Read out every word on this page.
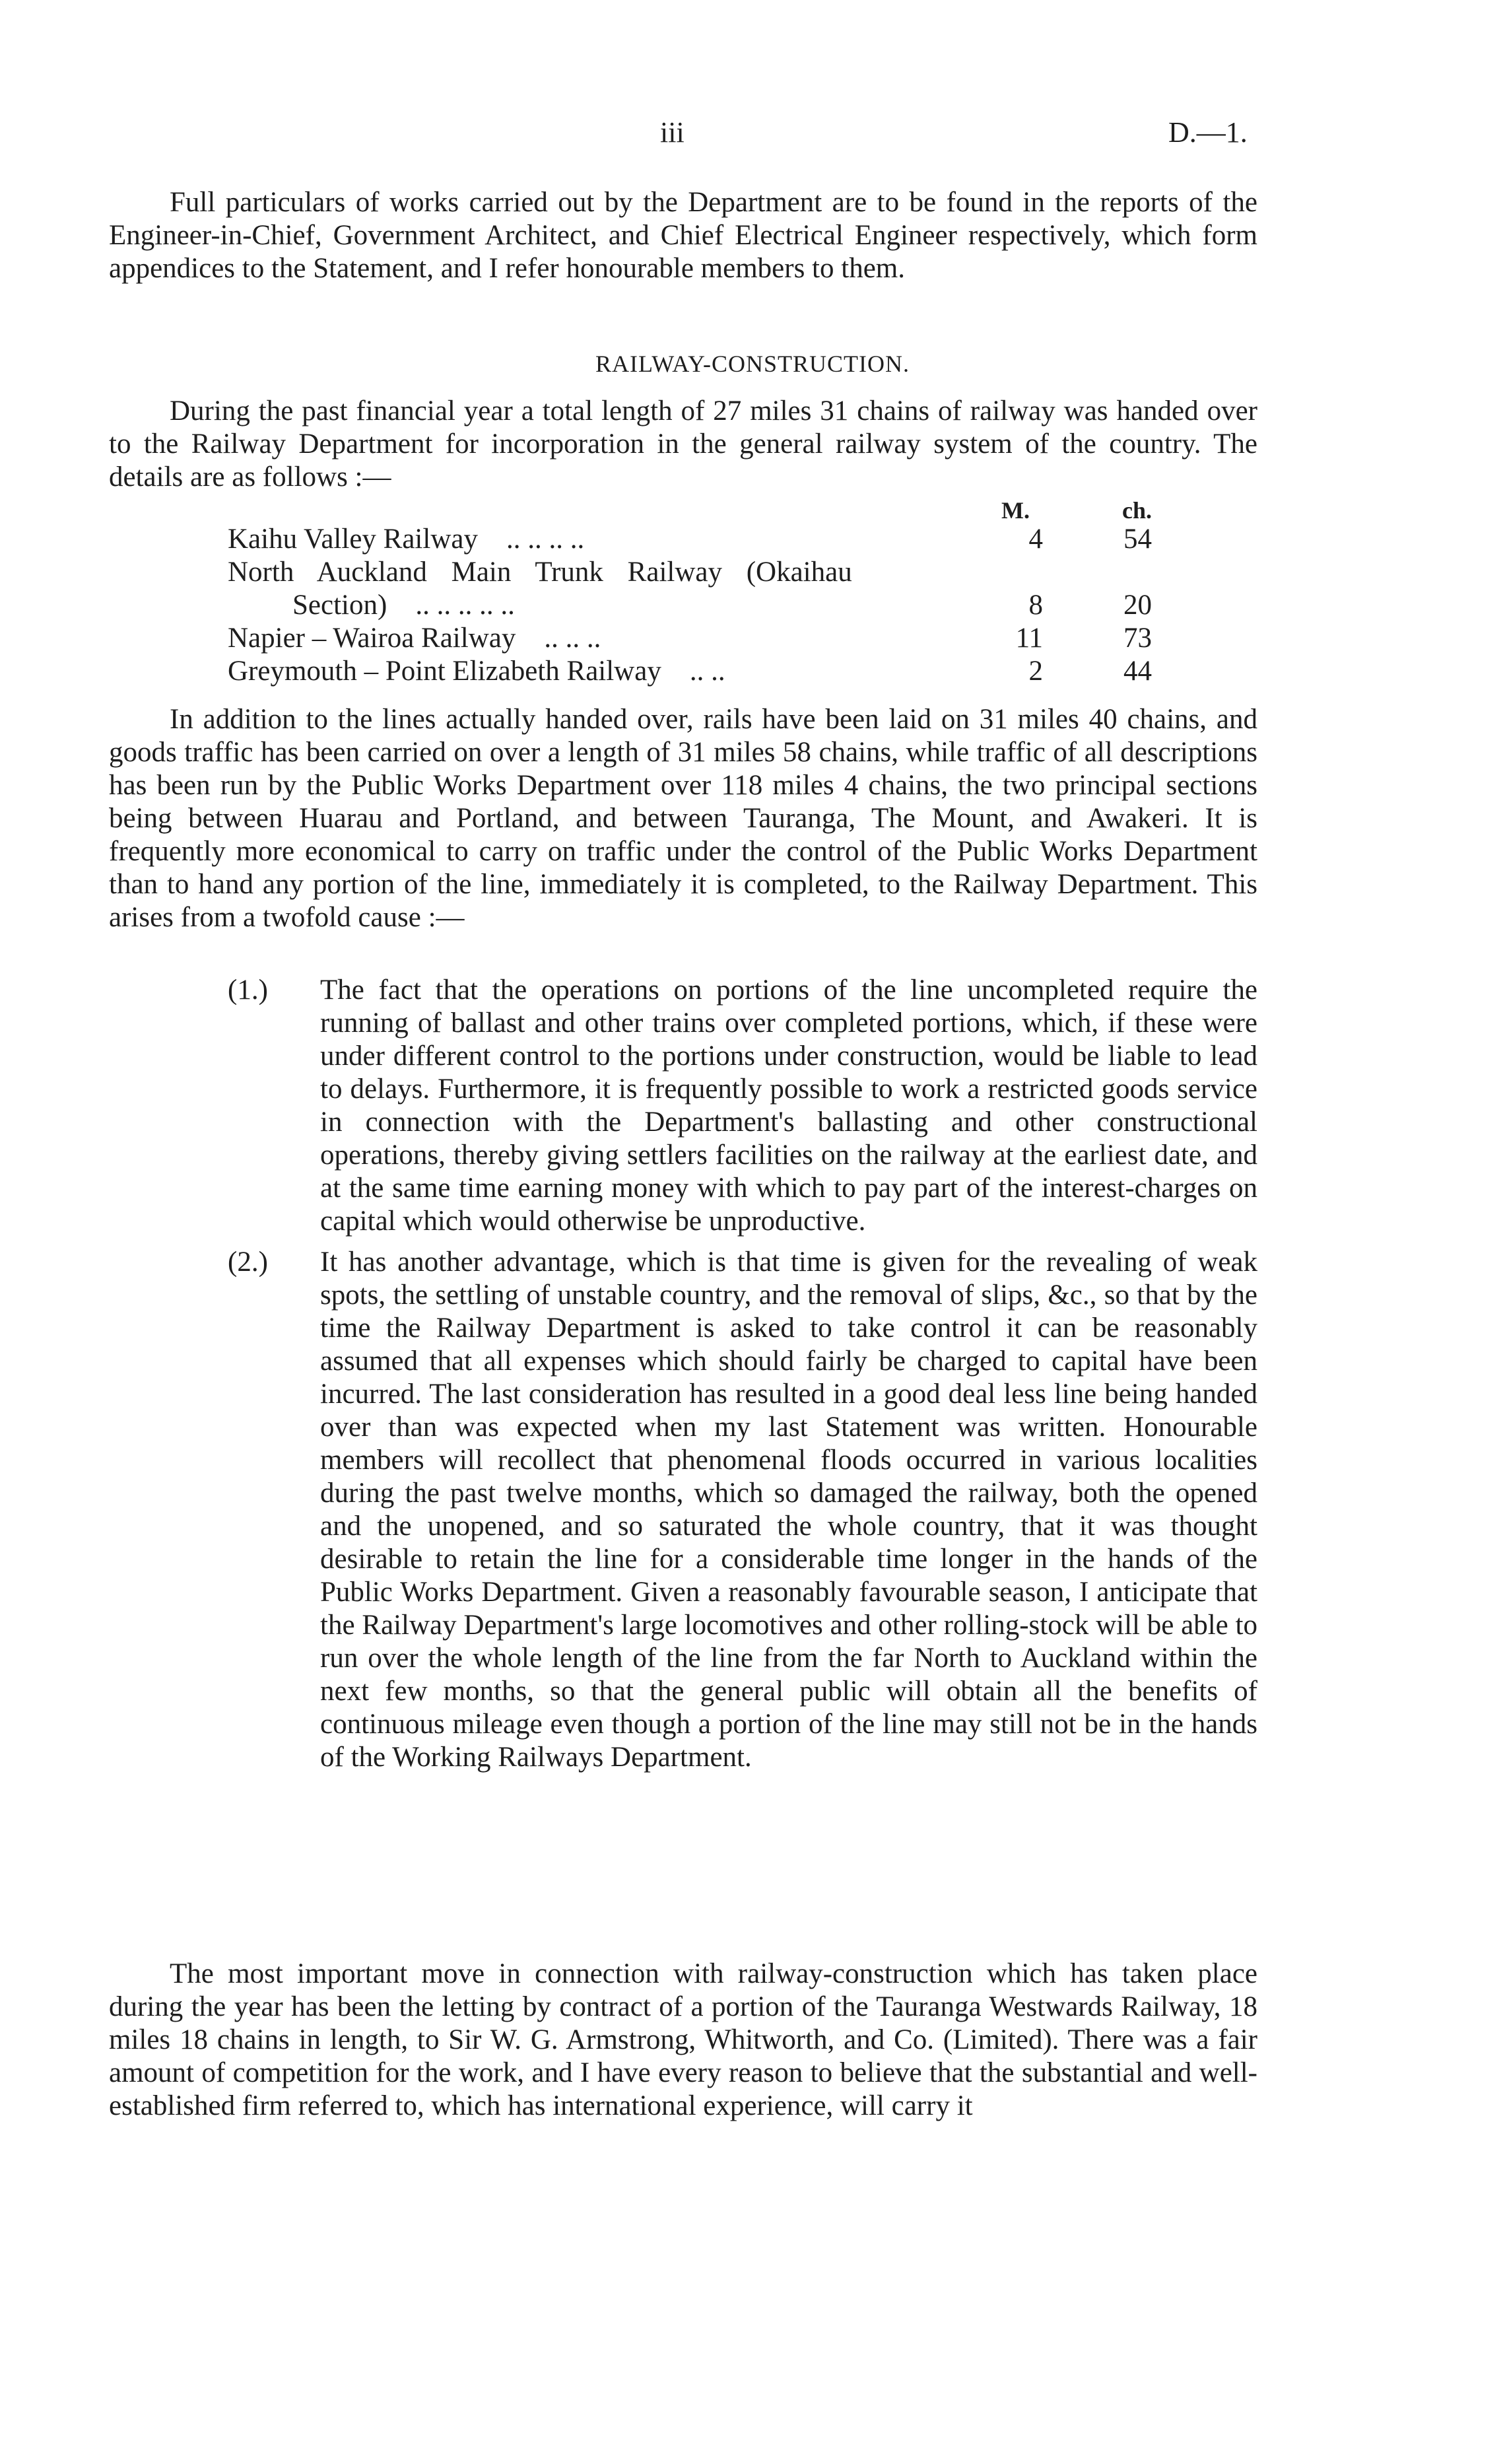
iii	D.—1.

Full particulars of works carried out by the Department are to be found in the reports of the Engineer-in-Chief, Government Architect, and Chief Electrical Engineer respectively, which form appendices to the Statement, and I refer honourable members to them.

RAILWAY-CONSTRUCTION.

During the past financial year a total length of 27 miles 31 chains of railway was handed over to the Railway Department for incorporation in the general railway system of the country. The details are as follows :—

M.	ch.
Kaihu Valley Railway .. .. .. ..	4	54
North Auckland Main Trunk Railway (Okaihau
Section) .. .. .. .. ..	8	20
Napier – Wairoa Railway .. .. ..	11	73
Greymouth – Point Elizabeth Railway .. ..	2	44

In addition to the lines actually handed over, rails have been laid on 31 miles 40 chains, and goods traffic has been carried on over a length of 31 miles 58 chains, while traffic of all descriptions has been run by the Public Works Department over 118 miles 4 chains, the two principal sections being between Huarau and Portland, and between Tauranga, The Mount, and Awakeri. It is frequently more economical to carry on traffic under the control of the Public Works Department than to hand any portion of the line, immediately it is completed, to the Railway Department. This arises from a twofold cause :—

(1.) The fact that the operations on portions of the line uncompleted require the running of ballast and other trains over completed portions, which, if these were under different control to the portions under construction, would be liable to lead to delays. Furthermore, it is frequently possible to work a restricted goods service in connection with the Department's ballasting and other constructional operations, thereby giving settlers facilities on the railway at the earliest date, and at the same time earning money with which to pay part of the interest-charges on capital which would otherwise be unproductive.
(2.) It has another advantage, which is that time is given for the revealing of weak spots, the settling of unstable country, and the removal of slips, &c., so that by the time the Railway Department is asked to take control it can be reasonably assumed that all expenses which should fairly be charged to capital have been incurred. The last consideration has resulted in a good deal less line being handed over than was expected when my last Statement was written. Honourable members will recollect that phenomenal floods occurred in various localities during the past twelve months, which so damaged the railway, both the opened and the unopened, and so saturated the whole country, that it was thought desirable to retain the line for a considerable time longer in the hands of the Public Works Department. Given a reasonably favourable season, I anticipate that the Railway Department's large locomotives and other rolling-stock will be able to run over the whole length of the line from the far North to Auckland within the next few months, so that the general public will obtain all the benefits of continuous mileage even though a portion of the line may still not be in the hands of the Working Railways Department.

The most important move in connection with railway-construction which has taken place during the year has been the letting by contract of a portion of the Tauranga Westwards Railway, 18 miles 18 chains in length, to Sir W. G. Armstrong, Whitworth, and Co. (Limited). There was a fair amount of competition for the work, and I have every reason to believe that the substantial and well-established firm referred to, which has international experience, will carry it
